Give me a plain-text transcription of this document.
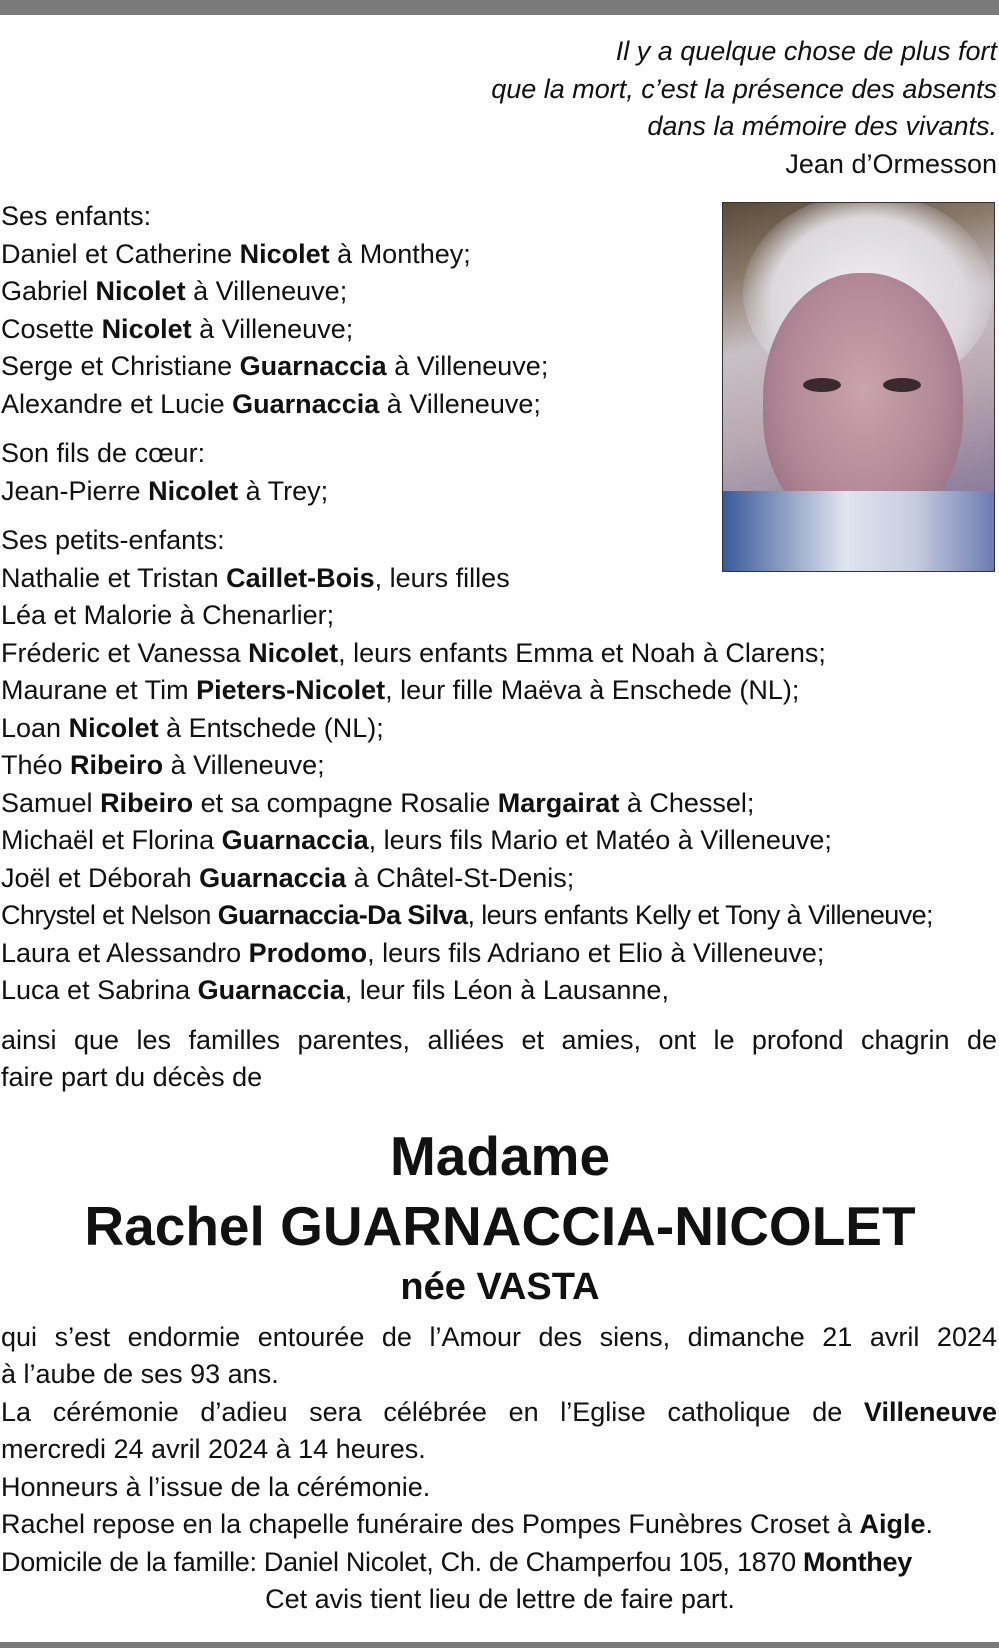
Il y a quelque chose de plus fort
que la mort, c’est la présence des absents
dans la mémoire des vivants.
Jean d’Ormesson

Ses enfants:

Daniel et Catherine Nicolet à Monthey;

Gabriel Nicolet à Villeneuve;

Cosette Nicolet à Villeneuve;

Serge et Christiane Guarnaccia à Villeneuve;

Alexandre et Lucie Guarnaccia à Villeneuve;

Son fils de cœur:

Jean-Pierre Nicolet à Trey;

Ses petits-enfants:

Nathalie et Tristan Caillet-Bois, leurs filles

Léa et Malorie à Chenarlier;

Fréderic et Vanessa Nicolet, leurs enfants Emma et Noah à Clarens;

Maurane et Tim Pieters-Nicolet, leur fille Maëva à Enschede (NL);

Loan Nicolet à Entschede (NL);

Théo Ribeiro à Villeneuve;

Samuel Ribeiro et sa compagne Rosalie Margairat à Chessel;

Michaël et Florina Guarnaccia, leurs fils Mario et Matéo à Villeneuve;

Joël et Déborah Guarnaccia à Châtel-St-Denis;

Chrystel et Nelson Guarnaccia-Da Silva, leurs enfants Kelly et Tony à Villeneuve;

Laura et Alessandro Prodomo, leurs fils Adriano et Elio à Villeneuve;

Luca et Sabrina Guarnaccia, leur fils Léon à Lausanne,

ainsi que les familles parentes, alliées et amies, ont le profond chagrin de

faire part du décès de

Madame
Rachel GUARNACCIA-NICOLET
née VASTA

qui s’est endormie entourée de l’Amour des siens, dimanche 21 avril 2024

à l’aube de ses 93 ans.

La cérémonie d’adieu sera célébrée en l’Eglise catholique de Villeneuve

mercredi 24 avril 2024 à 14 heures.

Honneurs à l’issue de la cérémonie.

Rachel repose en la chapelle funéraire des Pompes Funèbres Croset à Aigle.

Domicile de la famille: Daniel Nicolet, Ch. de Champerfou 105, 1870 Monthey

Cet avis tient lieu de lettre de faire part.
